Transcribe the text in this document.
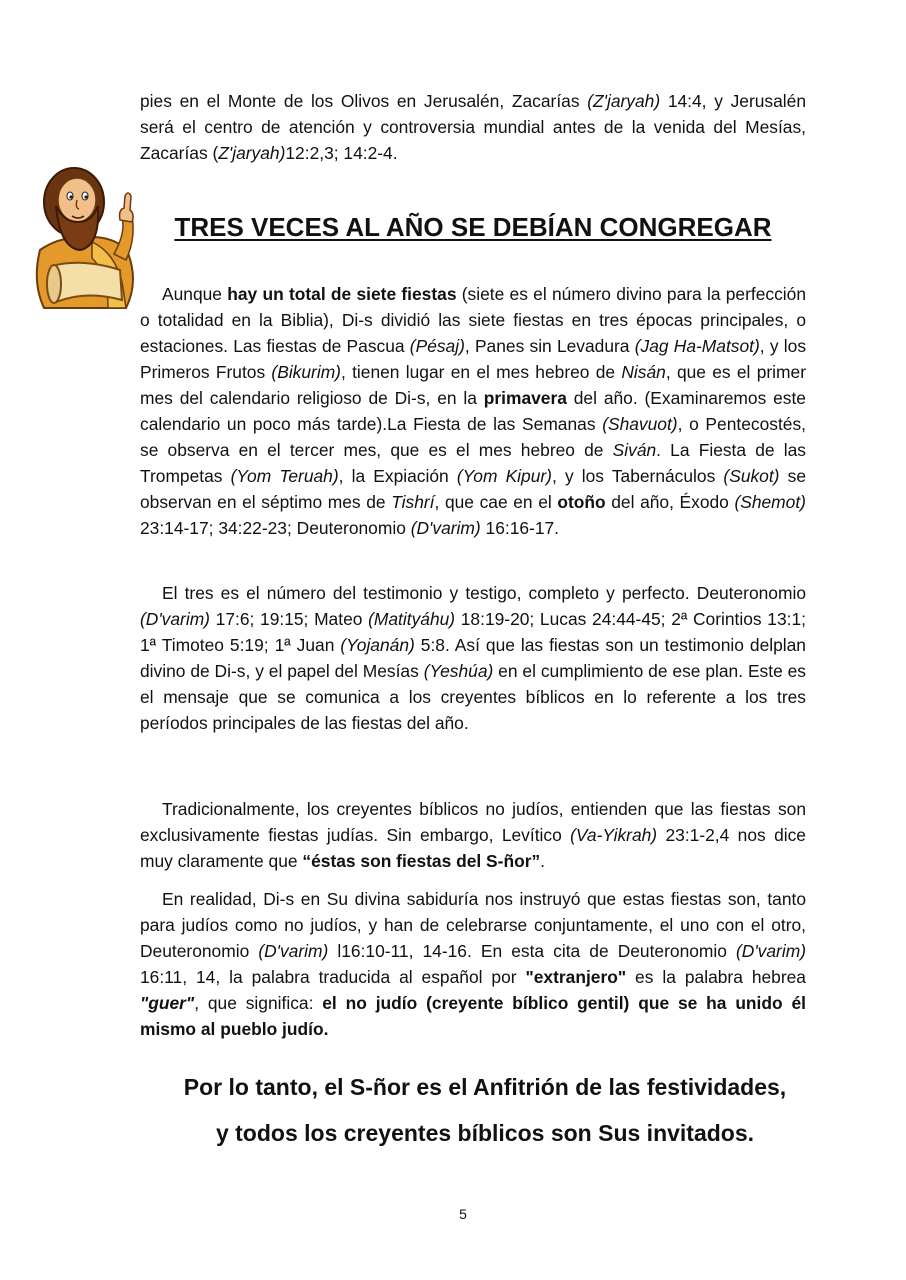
pies en el Monte de los Olivos en Jerusalén, Zacarías (Z'jaryah) 14:4, y Jerusalén será el centro de atención y controversia mundial antes de la venida del Mesías, Zacarías (Z'jaryah)12:2,3; 14:2-4.

TRES VECES AL AÑO SE DEBÍAN CONGREGAR

Aunque hay un total de siete fiestas (siete es el número divino para la perfección o totalidad en la Biblia), Di-s dividió las siete fiestas en tres épocas principales, o estaciones. Las fiestas de Pascua (Pésaj), Panes sin Levadura (Jag Ha-Matsot), y los Primeros Frutos (Bikurim), tienen lugar en el mes hebreo de Nisán, que es el primer mes del calendario religioso de Di-s, en la primavera del año. (Examinaremos este calendario un poco más tarde).La Fiesta de las Semanas (Shavuot), o Pentecostés, se observa en el tercer mes, que es el mes hebreo de Siván. La Fiesta de las Trompetas (Yom Teruah), la Expiación (Yom Kipur), y los Tabernáculos (Sukot) se observan en el séptimo mes de Tishrí, que cae en el otoño del año, Éxodo (Shemot) 23:14-17; 34:22-23; Deuteronomio (D'varim) 16:16-17.

El tres es el número del testimonio y testigo, completo y perfecto. Deuteronomio (D'varim) 17:6; 19:15; Mateo (Matityáhu) 18:19-20; Lucas 24:44-45; 2ª Corintios 13:1; 1ª Timoteo 5:19; 1ª Juan (Yojanán) 5:8. Así que las fiestas son un testimonio delplan divino de Di-s, y el papel del Mesías (Yeshúa) en el cumplimiento de ese plan. Este es el mensaje que se comunica a los creyentes bíblicos en lo referente a los tres períodos principales de las fiestas del año.

Tradicionalmente, los creyentes bíblicos no judíos, entienden que las fiestas son exclusivamente fiestas judías. Sin embargo, Levítico (Va-Yikrah) 23:1-2,4 nos dice muy claramente que “éstas son fiestas del S-ñor”.

En realidad, Di-s en Su divina sabiduría nos instruyó que estas fiestas son, tanto para judíos como no judíos, y han de celebrarse conjuntamente, el uno con el otro, Deuteronomio (D'varim) l16:10-11, 14-16. En esta cita de Deuteronomio (D'varim) 16:11, 14, la palabra traducida al español por "extranjero" es la palabra hebrea "guer", que significa: el no judío (creyente bíblico gentil) que se ha unido él mismo al pueblo judío.

Por lo tanto, el S-ñor es el Anfitrión de las festividades,

y todos los creyentes bíblicos son Sus invitados.

5
